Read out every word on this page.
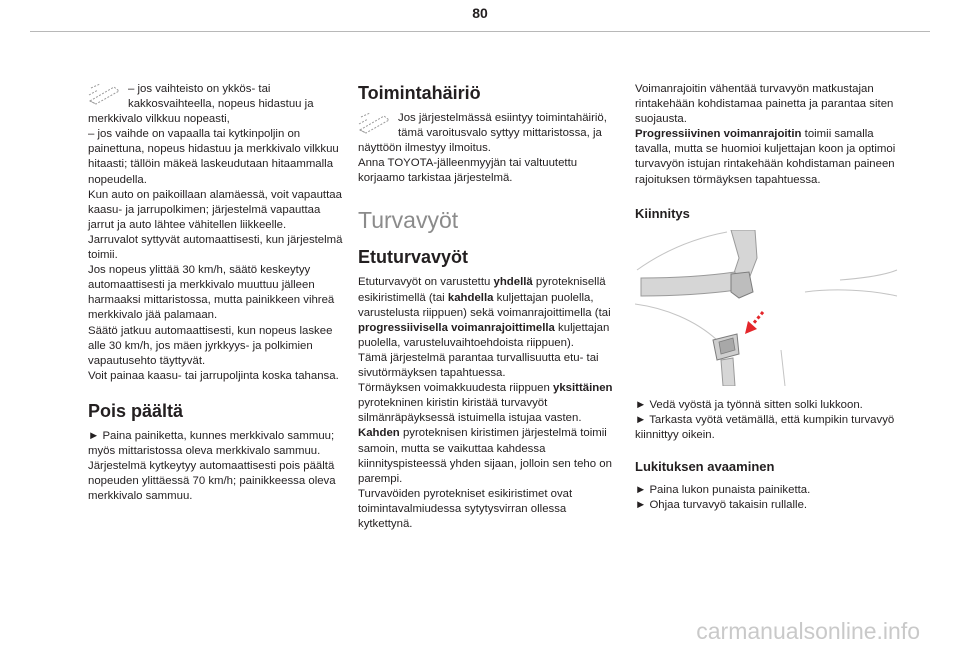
80

– jos vaihteisto on ykkös- tai kakkosvaihteella, nopeus hidastuu ja

merkkivalo vilkkuu nopeasti,

– jos vaihde on vapaalla tai kytkinpoljin on painettuna, nopeus hidastuu ja merkkivalo vilkkuu hitaasti; tällöin mäkeä laskeudutaan hitaammalla nopeudella.

Kun auto on paikoillaan alamäessä, voit vapauttaa kaasu- ja jarrupolkimen; järjestelmä vapauttaa jarrut ja auto lähtee vähitellen liikkeelle.

Jarruvalot syttyvät automaattisesti, kun järjestelmä toimii.

Jos nopeus ylittää 30 km/h, säätö keskeytyy automaattisesti ja merkkivalo muuttuu jälleen harmaaksi mittaristossa, mutta painikkeen vihreä merkkivalo jää palamaan.

Säätö jatkuu automaattisesti, kun nopeus laskee alle 30 km/h, jos mäen jyrkkyys- ja polkimien vapautusehto täyttyvät.

Voit painaa kaasu- tai jarrupoljinta koska tahansa.

Pois päältä

► Paina painiketta, kunnes merkkivalo sammuu; myös mittaristossa oleva merkkivalo sammuu.

Järjestelmä kytkeytyy automaattisesti pois päältä nopeuden ylittäessä 70 km/h; painikkeessa oleva merkkivalo sammuu.

Toimintahäiriö

Jos järjestelmässä esiintyy toimintahäiriö, tämä varoitusvalo syttyy mittaristossa, ja

näyttöön ilmestyy ilmoitus.

Anna TOYOTA-jälleenmyyjän tai valtuutettu korjaamo tarkistaa järjestelmä.

Turvavyöt
Etuturvavyöt

Etuturvavyöt on varustettu yhdellä pyroteknisellä esikiristimellä (tai kahdella kuljettajan puolella, varustelusta riippuen) sekä voimanrajoittimella (tai progressiivisella voimanrajoittimella kuljettajan puolella, varusteluvaihtoehdoista riippuen).

Tämä järjestelmä parantaa turvallisuutta etu- tai sivutörmäyksen tapahtuessa.

Törmäyksen voimakkuudesta riippuen yksittäinen pyrotekninen kiristin kiristää turvavyöt silmänräpäyksessä istuimella istujaa vasten.

Kahden pyroteknisen kiristimen järjestelmä toimii samoin, mutta se vaikuttaa kahdessa kiinnityspisteessä yhden sijaan, jolloin sen teho on parempi.

Turvavöiden pyrotekniset esikiristimet ovat toimintavalmiudessa sytytysvirran ollessa kytkettynä.

Voimanrajoitin vähentää turvavyön matkustajan rintakehään kohdistamaa painetta ja parantaa siten suojausta.

Progressiivinen voimanrajoitin toimii samalla tavalla, mutta se huomioi kuljettajan koon ja optimoi turvavyön istujan rintakehään kohdistaman paineen rajoituksen törmäyksen tapahtuessa.

Kiinnitys

► Vedä vyöstä ja työnnä sitten solki lukkoon.

► Tarkasta vyötä vetämällä, että kumpikin turvavyö kiinnittyy oikein.

Lukituksen avaaminen

► Paina lukon punaista painiketta.

► Ohjaa turvavyö takaisin rullalle.

carmanualsonline.info
